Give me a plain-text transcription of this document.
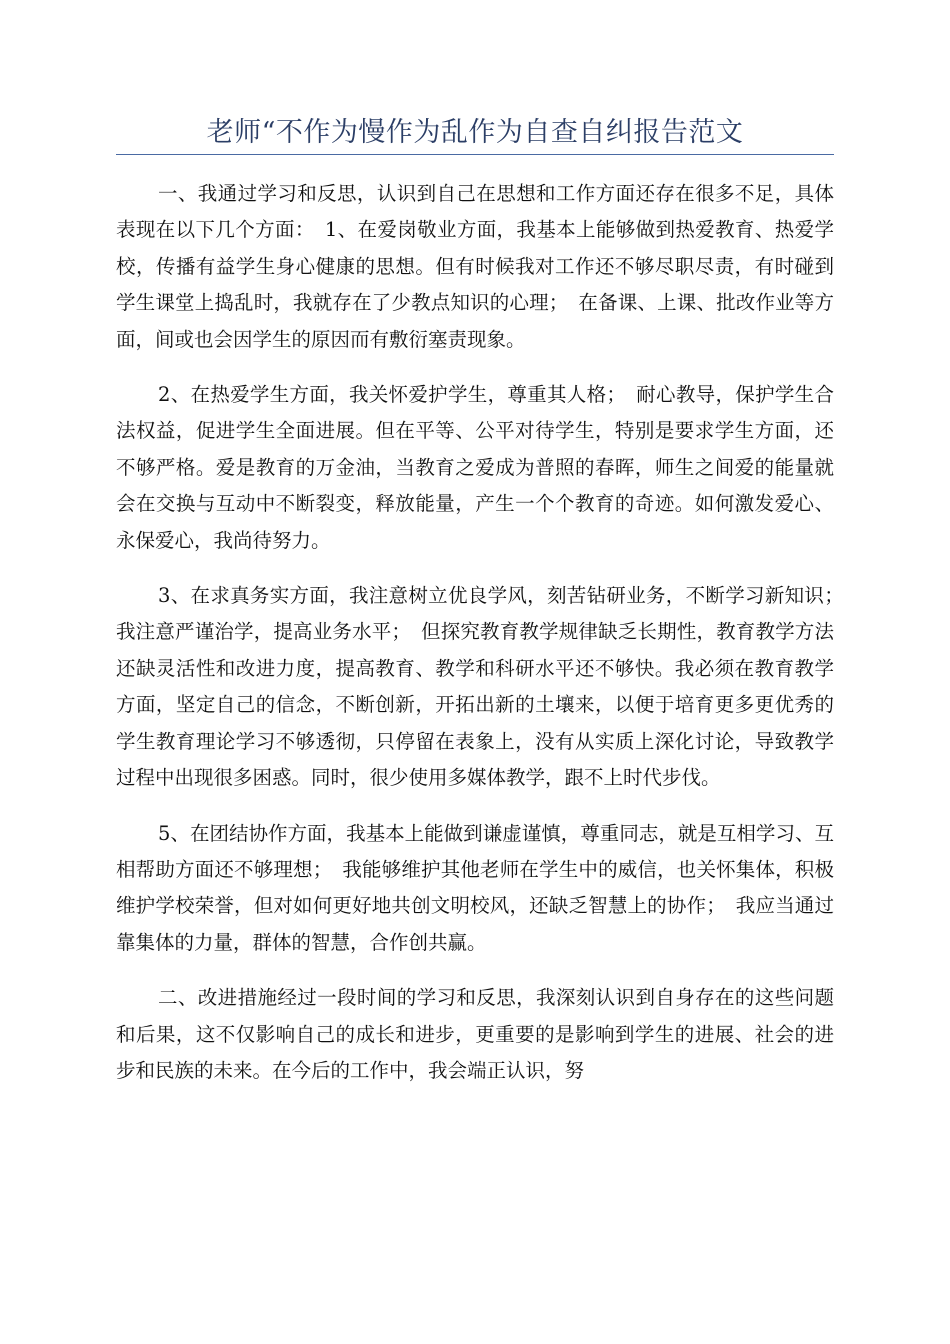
老师“不作为慢作为乱作为自查自纠报告范文

一、我通过学习和反思，认识到自己在思想和工作方面还存在很多不足，具体表现在以下几个方面：　1、在爱岗敬业方面，我基本上能够做到热爱教育、热爱学校，传播有益学生身心健康的思想。但有时候我对工作还不够尽职尽责，有时碰到学生课堂上捣乱时，我就存在了少教点知识的心理；　在备课、上课、批改作业等方面，间或也会因学生的原因而有敷衍塞责现象。

2、在热爱学生方面，我关怀爱护学生，尊重其人格；　耐心教导，保护学生合法权益，促进学生全面进展。但在平等、公平对待学生，特别是要求学生方面，还不够严格。爱是教育的万金油，当教育之爱成为普照的春晖，师生之间爱的能量就会在交换与互动中不断裂变，释放能量，产生一个个教育的奇迹。如何激发爱心、永保爱心，我尚待努力。

3、在求真务实方面，我注意树立优良学风，刻苦钻研业务，不断学习新知识；　我注意严谨治学，提高业务水平；　但探究教育教学规律缺乏长期性，教育教学方法还缺灵活性和改进力度，提高教育、教学和科研水平还不够快。我必须在教育教学方面，坚定自己的信念，不断创新，开拓出新的土壤来，以便于培育更多更优秀的学生教育理论学习不够透彻，只停留在表象上，没有从实质上深化讨论，导致教学过程中出现很多困惑。同时，很少使用多媒体教学，跟不上时代步伐。

5、在团结协作方面，我基本上能做到谦虚谨慎，尊重同志，就是互相学习、互相帮助方面还不够理想；　我能够维护其他老师在学生中的威信，也关怀集体，积极维护学校荣誉，但对如何更好地共创文明校风，还缺乏智慧上的协作；　我应当通过靠集体的力量，群体的智慧，合作创共赢。

二、改进措施经过一段时间的学习和反思，我深刻认识到自身存在的这些问题和后果，这不仅影响自己的成长和进步，更重要的是影响到学生的进展、社会的进步和民族的未来。在今后的工作中，我会端正认识，努
